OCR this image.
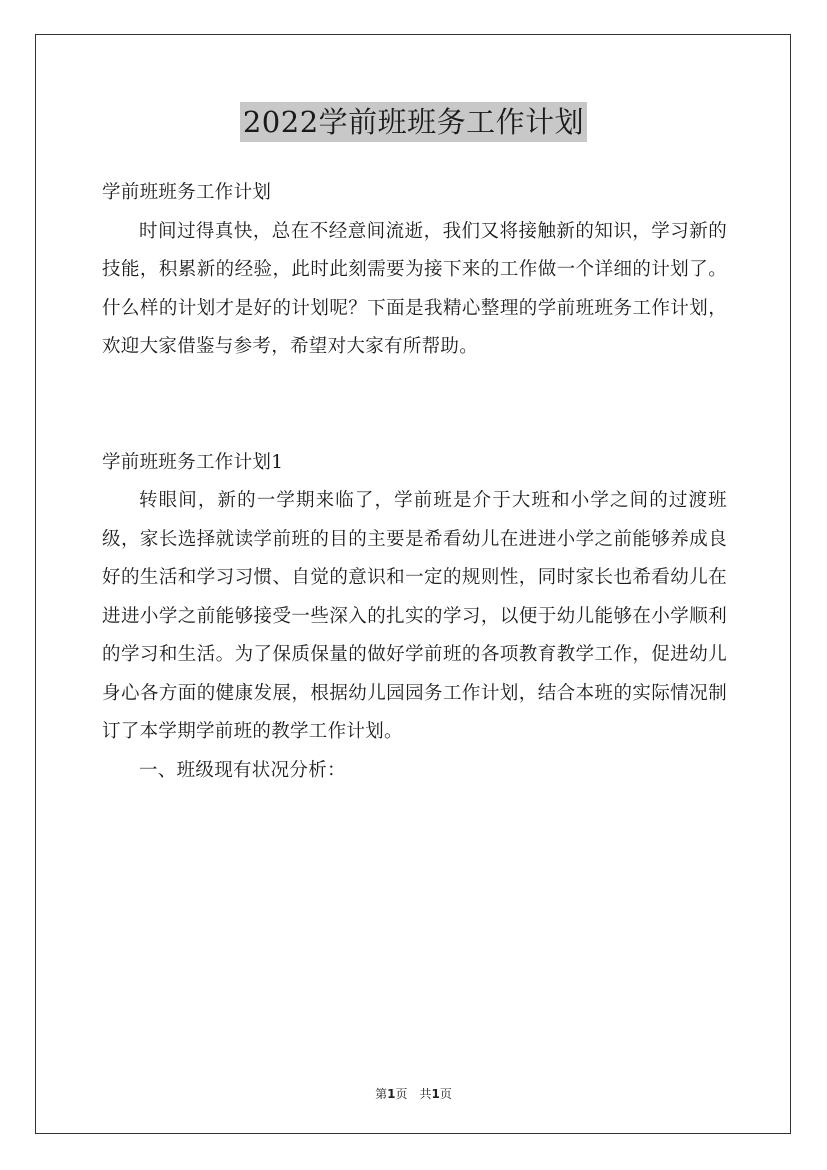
2022学前班班务工作计划

学前班班务工作计划

时间过得真快，总在不经意间流逝，我们又将接触新的知识，学习新的技能，积累新的经验，此时此刻需要为接下来的工作做一个详细的计划了。什么样的计划才是好的计划呢？下面是我精心整理的学前班班务工作计划，欢迎大家借鉴与参考，希望对大家有所帮助。

学前班班务工作计划1

转眼间，新的一学期来临了，学前班是介于大班和小学之间的过渡班级，家长选择就读学前班的目的主要是希看幼儿在进进小学之前能够养成良好的生活和学习习惯、自觉的意识和一定的规则性，同时家长也希看幼儿在进进小学之前能够接受一些深入的扎实的学习，以便于幼儿能够在小学顺利的学习和生活。为了保质保量的做好学前班的各项教育教学工作，促进幼儿身心各方面的健康发展，根据幼儿园园务工作计划，结合本班的实际情况制订了本学期学前班的教学工作计划。

一、班级现有状况分析：

第1页　共1页
